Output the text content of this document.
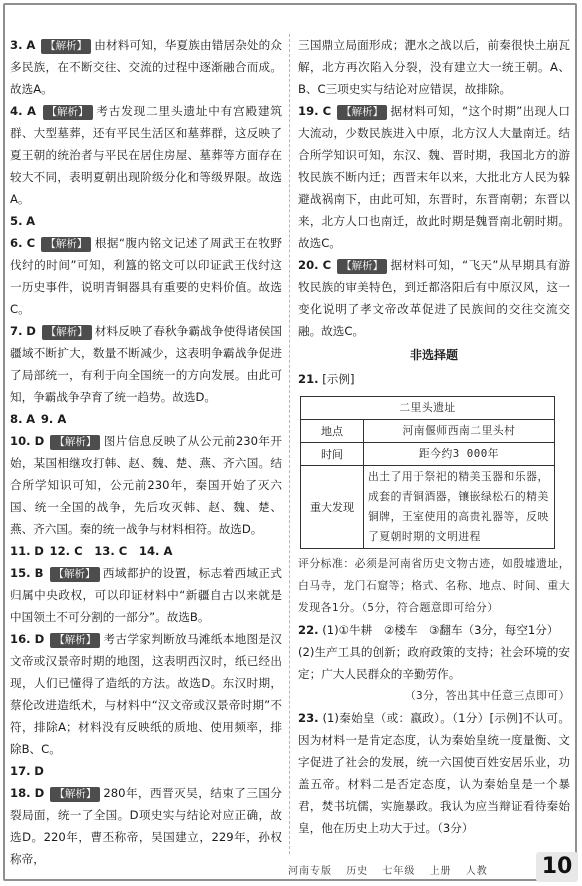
3. A 【解析】 由材料可知，华夏族由错居杂处的众多民族，在不断交往、交流的过程中逐渐融合而成。故选A。
4. A 【解析】 考古发现二里头遗址中有宫殿建筑群、大型墓葬，还有平民生活区和墓葬群，这反映了夏王朝的统治者与平民在居住房屋、墓葬等方面存在较大不同，表明夏朝出现阶级分化和等级界限。故选A。
5. A
6. C 【解析】 根据“腹内铭文记述了周武王在牧野伐纣的时间”可知，利簋的铭文可以印证武王伐纣这一历史事件，说明青铜器具有重要的史料价值。故选C。
7. D 【解析】 材料反映了春秋争霸战争使得诸侯国疆域不断扩大，数量不断减少，这表明争霸战争促进了局部统一，有利于向全国统一的方向发展。由此可知，争霸战争孕育了统一趋势。故选D。
8. A 9. A
10. D 【解析】 图片信息反映了从公元前230年开始，某国相继攻打韩、赵、魏、楚、燕、齐六国。结合所学知识可知，公元前230年，秦国开始了灭六国、统一全国的战争，先后攻灭韩、赵、魏、楚、燕、齐六国。秦的统一战争与材料相符。故选D。
11. D 12. C　13. C　14. A
15. B 【解析】 西域都护的设置，标志着西域正式归属中央政权，可以印证材料中“新疆自古以来就是中国领土不可分割的一部分”。故选B。
16. D 【解析】 考古学家判断放马滩纸本地图是汉文帝或汉景帝时期的地图，这表明西汉时，纸已经出现，人们已懂得了造纸的方法。故选D。东汉时期，蔡伦改进造纸术，与材料中“汉文帝或汉景帝时期”不符，排除A；材料没有反映纸的质地、使用频率，排除B、C。
17. D
18. D 【解析】 280年，西晋灭吴，结束了三国分裂局面，统一了全国。D项史实与结论对应正确，故选D。220年，曹丕称帝，吴国建立，229年，孙权称帝，
三国鼎立局面形成；淝水之战以后，前秦很快土崩瓦解，北方再次陷入分裂，没有建立大一统王朝。A、B、C三项史实与结论对应错误，故排除。
19. C 【解析】 据材料可知，“这个时期”出现人口大流动，少数民族进入中原，北方汉人大量南迁。结合所学知识可知，东汉、魏、晋时期，我国北方的游牧民族不断内迁；西晋末年以来，大批北方人民为躲避战祸南下，由此可知，东晋时，东晋南朝；东晋以来，北方人口也南迁，故此时期是魏晋南北朝时期。故选C。
20. C 【解析】 据材料可知，“飞天”从早期具有游牧民族的审美特色，到迁都洛阳后有中原汉风，这一变化说明了孝文帝改革促进了民族间的交往交流交融。故选C。
非选择题
21. [示例]
二里头遗址	
地点	河南偃师西南二里头村
时间	距今约3 000年
重大发现	出土了用于祭祀的精美玉器和乐器，成套的青铜酒器，镶嵌绿松石的精美铜牌，王室使用的高贵礼器等，反映了夏朝时期的文明进程
评分标准：必须是河南省历史文物古迹，如殷墟遗址，白马寺，龙门石窟等；格式、名称、地点、时间、重大发现各1分。（5分，符合题意即可给分）
22. (1)①牛耕　②楼车　③翻车（3分，每空1分）
(2)生产工具的创新；政府政策的支持；社会环境的安定；广大人民群众的辛勤劳作。
（3分，答出其中任意三点即可）
23. (1)秦始皇（或：嬴政）。（1分）[示例]不认可。因为材料一是肯定态度，认为秦始皇统一度量衡、文字促进了社会的发展，统一六国使百姓安居乐业，功盖五帝。材料二是否定态度，认为秦始皇是一个暴君，焚书坑儒，实施暴政。我认为应当辩证看待秦始皇，他在历史上功大于过。（3分）
河南专版 历史 七年级 上册 人教 10
